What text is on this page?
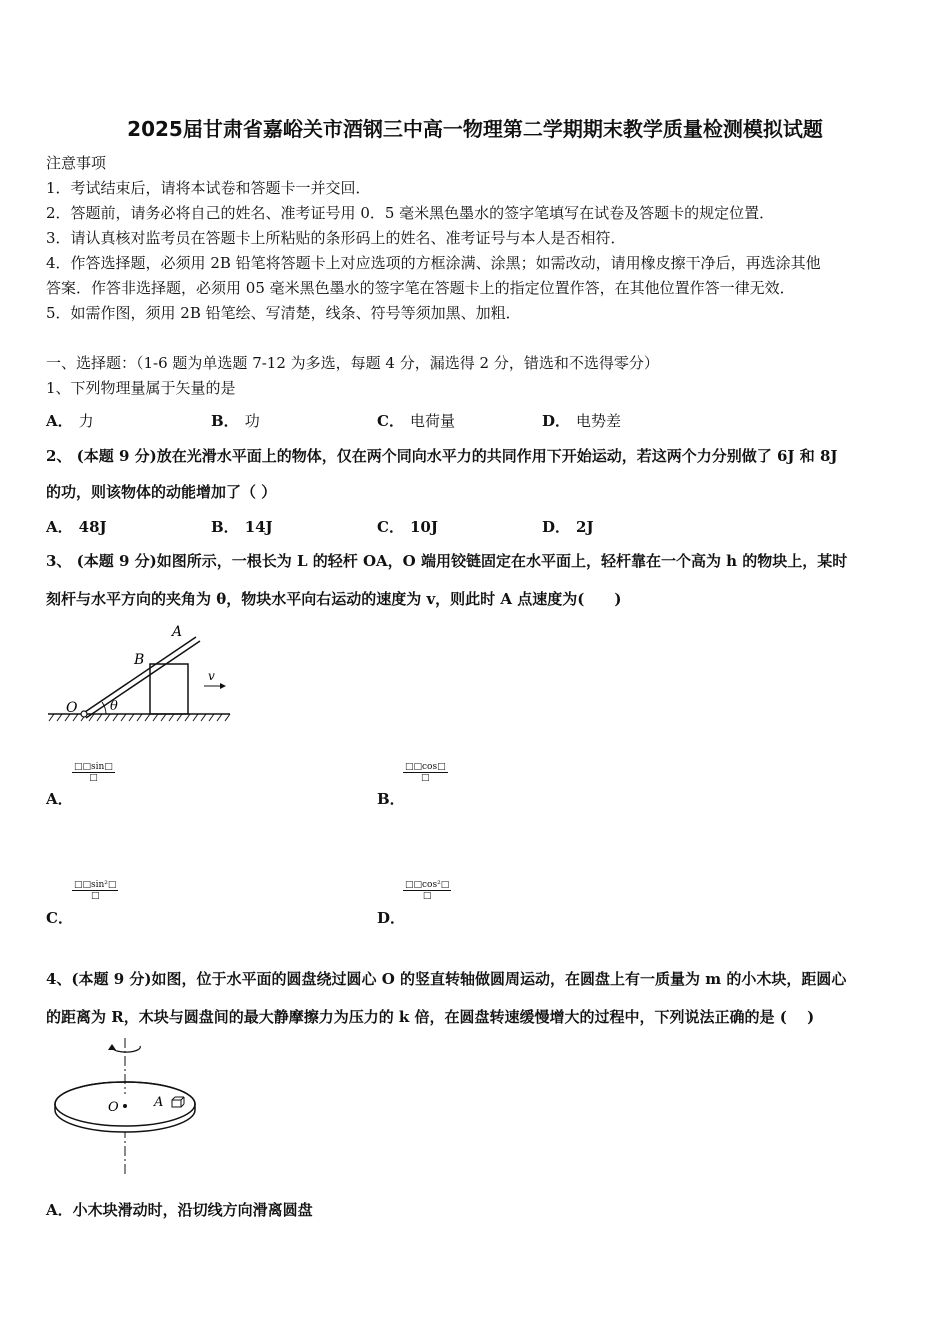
2025届甘肃省嘉峪关市酒钢三中高一物理第二学期期末教学质量检测模拟试题
注意事项
1．考试结束后，请将本试卷和答题卡一并交回．
2．答题前，请务必将自己的姓名、准考证号用 0．5 毫米黑色墨水的签字笔填写在试卷及答题卡的规定位置．
3．请认真核对监考员在答题卡上所粘贴的条形码上的姓名、准考证号与本人是否相符．
4．作答选择题，必须用 2B 铅笔将答题卡上对应选项的方框涂满、涂黑；如需改动，请用橡皮擦干净后，再选涂其他
答案．作答非选择题，必须用 05 毫米黑色墨水的签字笔在答题卡上的指定位置作答，在其他位置作答一律无效．
5．如需作图，须用 2B 铅笔绘、写清楚，线条、符号等须加黑、加粗．
一、选择题：（1-6 题为单选题 7-12 为多选，每题 4 分，漏选得 2 分，错选和不选得零分）
1、下列物理量属于矢量的是
A． 力	B． 功	C． 电荷量	D． 电势差
2、 (本题 9 分)放在光滑水平面上的物体，仅在两个同向水平力的共同作用下开始运动，若这两个力分别做了 6J 和 8J
的功，则该物体的动能增加了（ ）
A． 48J	B． 14J	C． 10J	D． 2J
3、 (本题 9 分)如图所示，一根长为 L 的轻杆 OA，O 端用铰链固定在水平面上，轻杆靠在一个高为 h 的物块上，某时
刻杆与水平方向的夹角为 θ，物块水平向右运动的速度为 v，则此时 A 点速度为(　　)
A
B
O	θ
v
A．
□□sin□
□
B．
□□cos□
□
C．
□□sin²□
□
D．
□□cos²□
□
4、(本题 9 分)如图，位于水平面的圆盘绕过圆心 O 的竖直转轴做圆周运动，在圆盘上有一质量为 m 的小木块，距圆心
的距离为 R，木块与圆盘间的最大静摩擦力为压力的 k 倍，在圆盘转速缓慢增大的过程中，下列说法正确的是 (　 )
O	A
A．小木块滑动时，沿切线方向滑离圆盘
